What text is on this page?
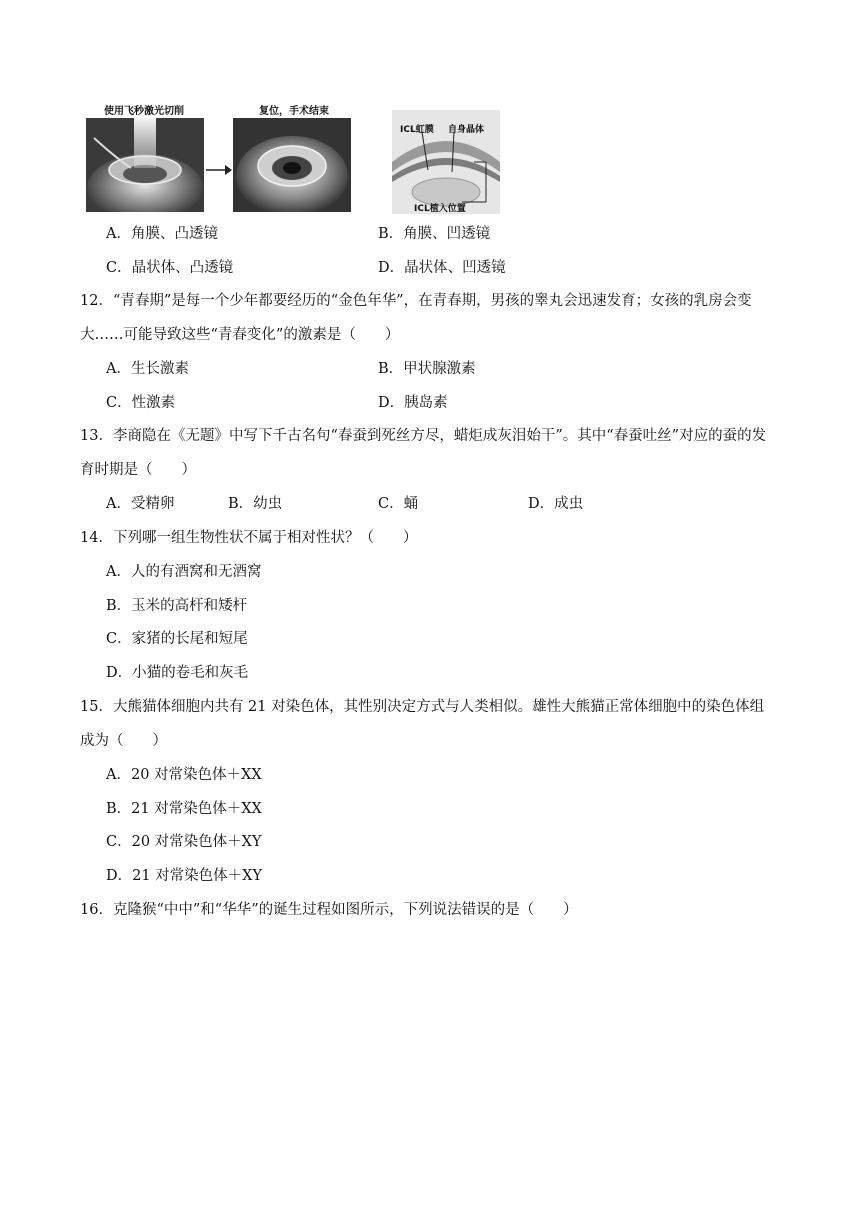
使用飞秒激光切削	复位，手术结束
ICL虹膜 自身晶体
ICL植入位置
A．角膜、凸透镜	B．角膜、凹透镜
C．晶状体、凸透镜	D．晶状体、凹透镜
12．“青春期”是每一个少年都要经历的“金色年华”，在青春期，男孩的睾丸会迅速发育；女孩的乳房会变
大……可能导致这些“青春变化”的激素是（　　）
A．生长激素	B．甲状腺激素
C．性激素	D．胰岛素
13．李商隐在《无题》中写下千古名句“春蚕到死丝方尽，蜡炬成灰泪始干”。其中“春蚕吐丝”对应的蚕的发
育时期是（　　）
A．受精卵	B．幼虫	C．蛹	D．成虫
14．下列哪一组生物性状不属于相对性状？（　　）
A．人的有酒窝和无酒窝
B．玉米的高杆和矮杆
C．家猪的长尾和短尾
D．小猫的卷毛和灰毛
15．大熊猫体细胞内共有 21 对染色体，其性别决定方式与人类相似。雄性大熊猫正常体细胞中的染色体组
成为（　　）
A．20 对常染色体＋XX
B．21 对常染色体＋XX
C．20 对常染色体＋XY
D．21 对常染色体＋XY
16．克隆猴“中中”和“华华”的诞生过程如图所示，下列说法错误的是（　　）
